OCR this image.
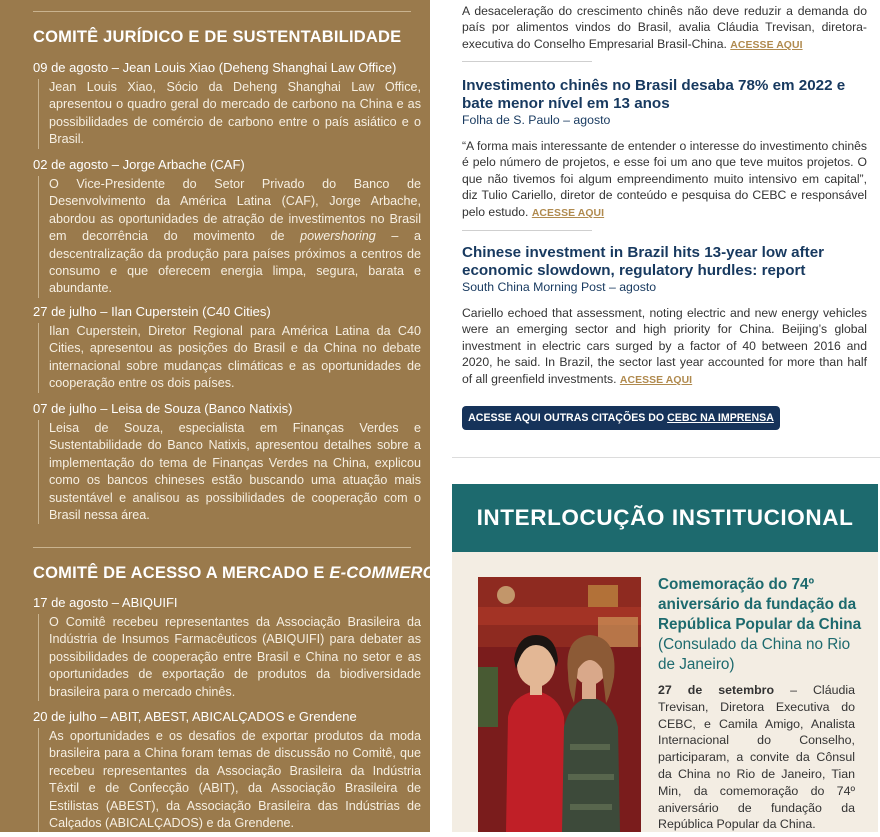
COMITÊ JURÍDICO E DE SUSTENTABILIDADE
09 de agosto – Jean Louis Xiao (Deheng Shanghai Law Office)
Jean Louis Xiao, Sócio da Deheng Shanghai Law Office, apresentou o quadro geral do mercado de carbono na China e as possibilidades de comércio de carbono entre o país asiático e o Brasil.
02 de agosto – Jorge Arbache (CAF)
O Vice-Presidente do Setor Privado do Banco de Desenvolvimento da América Latina (CAF), Jorge Arbache, abordou as oportunidades de atração de investimentos no Brasil em decorrência do movimento de powershoring – a descentralização da produção para países próximos a centros de consumo e que oferecem energia limpa, segura, barata e abundante.
27 de julho – Ilan Cuperstein (C40 Cities)
Ilan Cuperstein, Diretor Regional para América Latina da C40 Cities, apresentou as posições do Brasil e da China no debate internacional sobre mudanças climáticas e as oportunidades de cooperação entre os dois países.
07 de julho – Leisa de Souza (Banco Natixis)
Leisa de Souza, especialista em Finanças Verdes e Sustentabilidade do Banco Natixis, apresentou detalhes sobre a implementação do tema de Finanças Verdes na China, explicou como os bancos chineses estão buscando uma atuação mais sustentável e analisou as possibilidades de cooperação com o Brasil nessa área.
COMITÊ DE ACESSO A MERCADO E E-COMMERCE
17 de agosto – ABIQUIFI
O Comitê recebeu representantes da Associação Brasileira da Indústria de Insumos Farmacêuticos (ABIQUIFI) para debater as possibilidades de cooperação entre Brasil e China no setor e as oportunidades de exportação de produtos da biodiversidade brasileira para o mercado chinês.
20 de julho – ABIT, ABEST, ABICALÇADOS e Grendene
As oportunidades e os desafios de exportar produtos da moda brasileira para a China foram temas de discussão no Comitê, que recebeu representantes da Associação Brasileira da Indústria Têxtil e de Confecção (ABIT), da Associação Brasileira de Estilistas (ABEST), da Associação Brasileira das Indústrias de Calçados (ABICALÇADOS) e da Grendene.
A desaceleração do crescimento chinês não deve reduzir a demanda do país por alimentos vindos do Brasil, avalia Cláudia Trevisan, diretora-executiva do Conselho Empresarial Brasil-China. ACESSE AQUI
Investimento chinês no Brasil desaba 78% em 2022 e bate menor nível em 13 anos
Folha de S. Paulo – agosto
“A forma mais interessante de entender o interesse do investimento chinês é pelo número de projetos, e esse foi um ano que teve muitos projetos. O que não tivemos foi algum empreendimento muito intensivo em capital”, diz Tulio Cariello, diretor de conteúdo e pesquisa do CEBC e responsável pelo estudo. ACESSE AQUI
Chinese investment in Brazil hits 13-year low after economic slowdown, regulatory hurdles: report
South China Morning Post – agosto
Cariello echoed that assessment, noting electric and new energy vehicles were an emerging sector and high priority for China. Beijing’s global investment in electric cars surged by a factor of 40 between 2016 and 2020, he said. In Brazil, the sector last year accounted for more than half of all greenfield investments. ACESSE AQUI
ACESSE AQUI OUTRAS CITAÇÕES DO CEBC NA IMPRENSA
INTERLOCUÇÃO INSTITUCIONAL
Comemoração do 74º aniversário da fundação da República Popular da China (Consulado da China no Rio de Janeiro)
27 de setembro – Cláudia Trevisan, Diretora Executiva do CEBC, e Camila Amigo, Analista Internacional do Conselho, participaram, a convite da Cônsul da China no Rio de Janeiro, Tian Min, da comemoração do 74º aniversário de fundação da República Popular da China.
